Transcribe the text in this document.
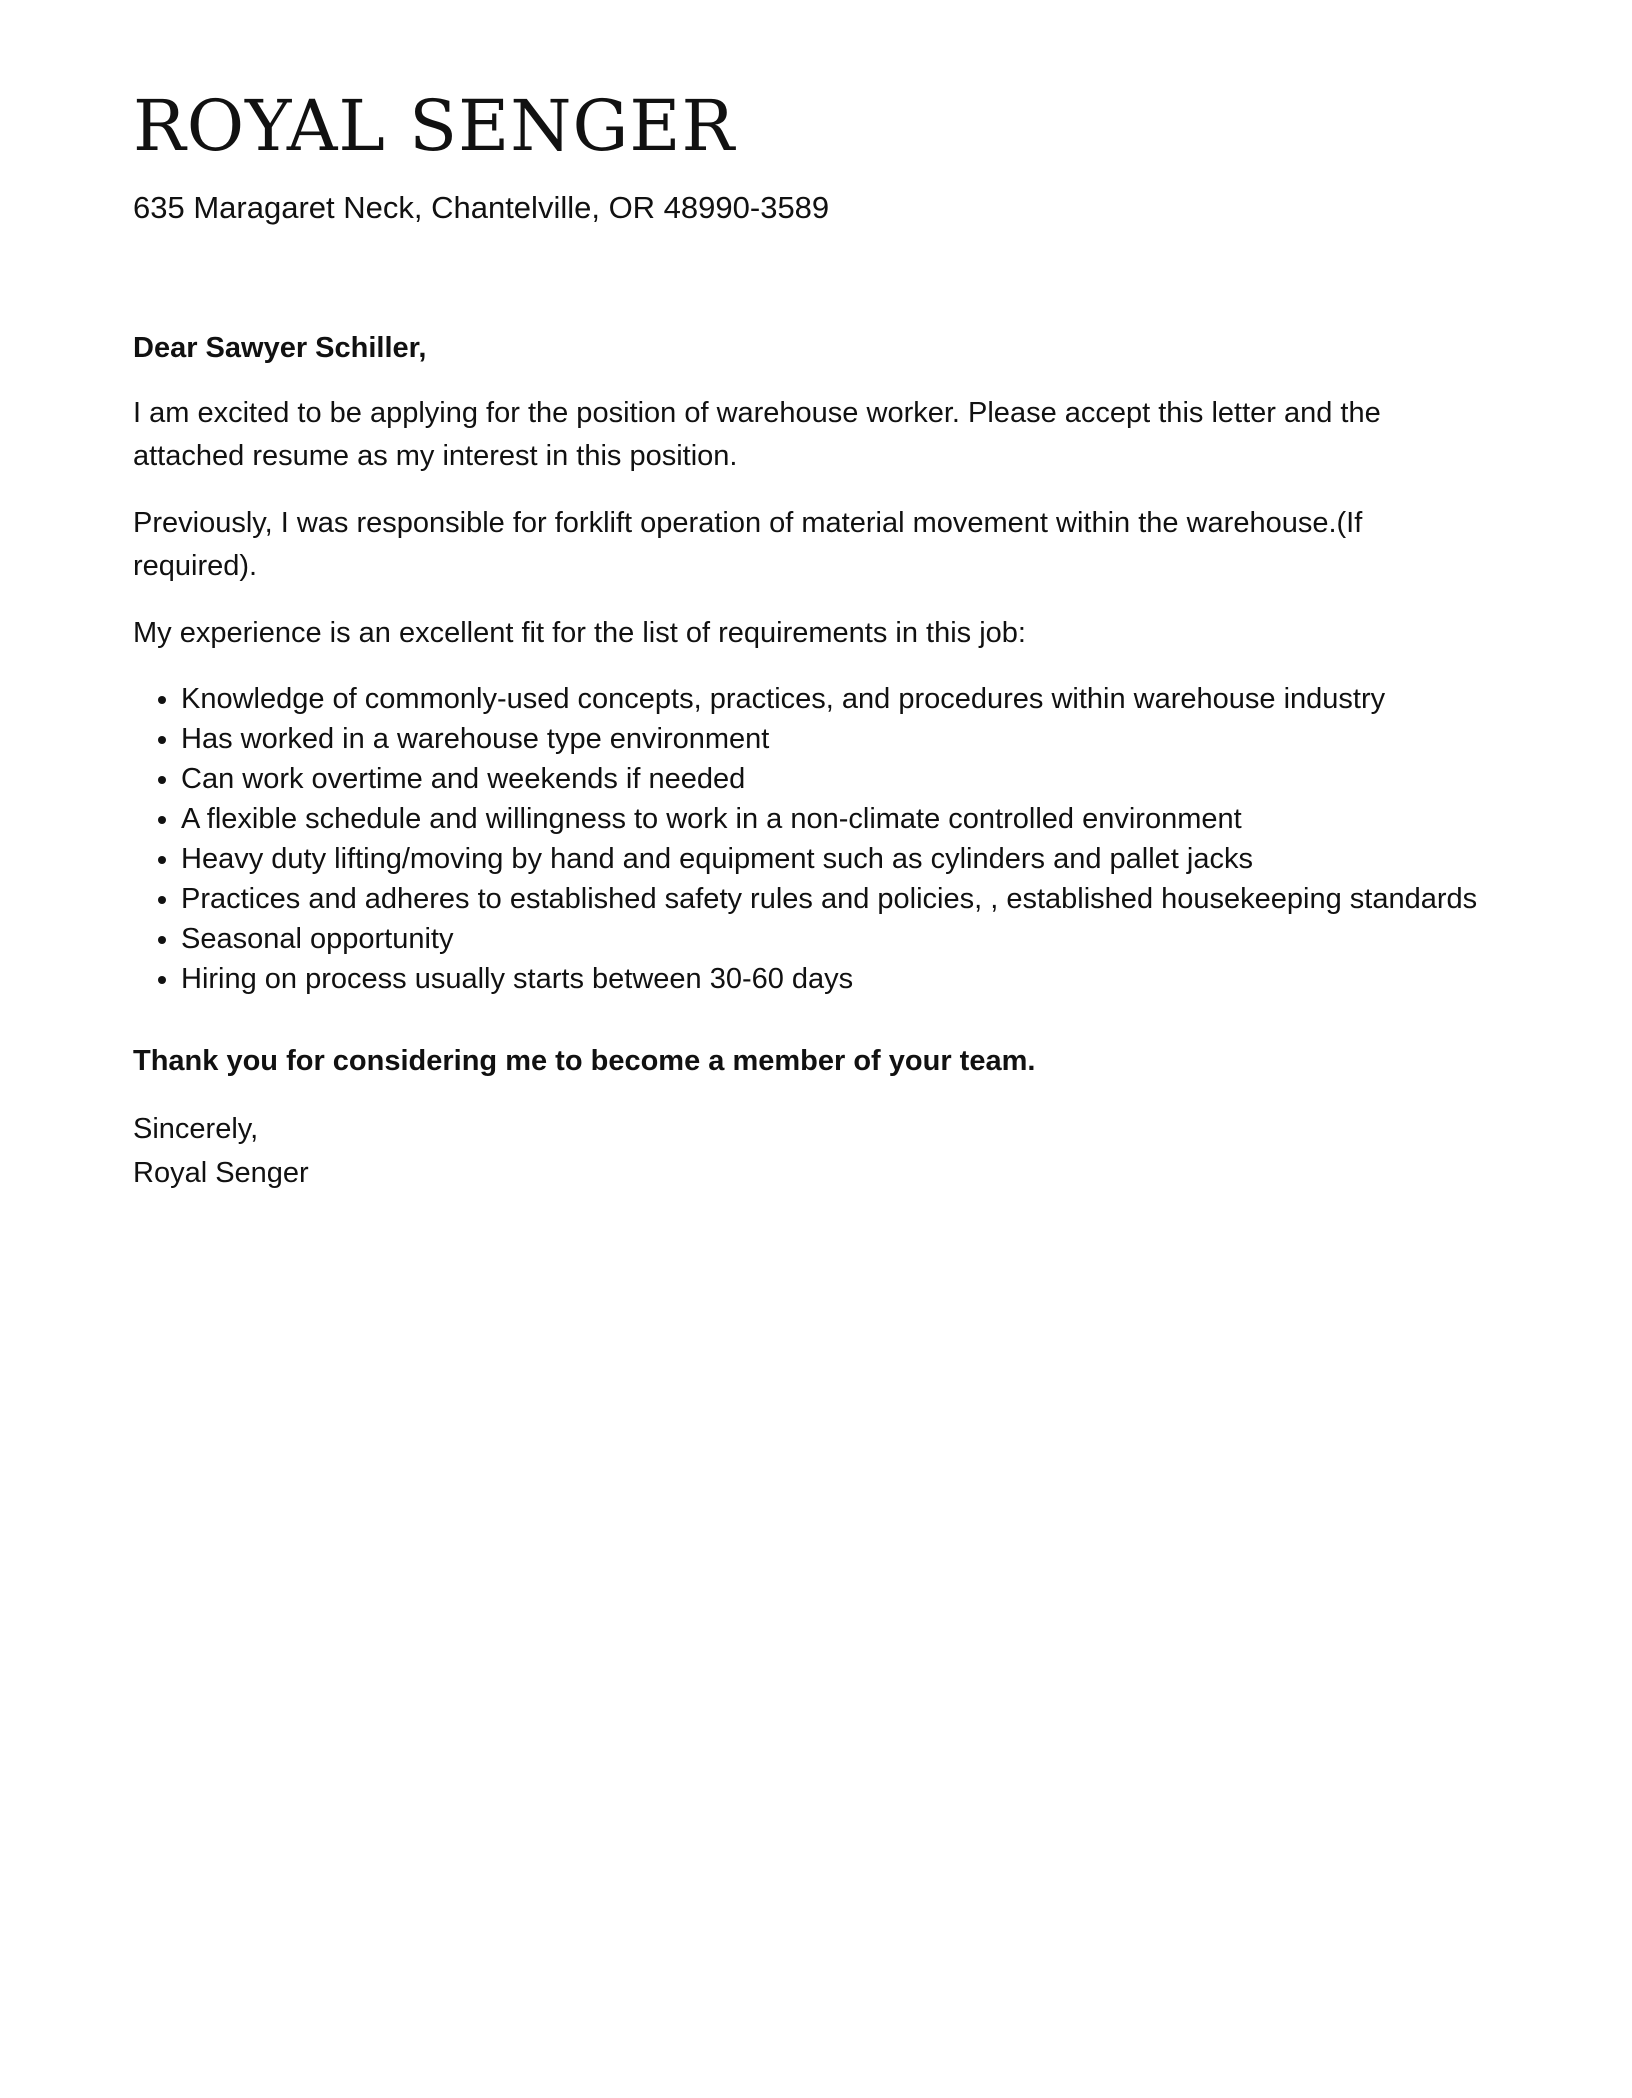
ROYAL SENGER

635 Maragaret Neck, Chantelville, OR 48990-3589

Dear Sawyer Schiller,

I am excited to be applying for the position of warehouse worker. Please accept this letter and the attached resume as my interest in this position.

Previously, I was responsible for forklift operation of material movement within the warehouse.(If required).

My experience is an excellent fit for the list of requirements in this job:

• Knowledge of commonly-used concepts, practices, and procedures within warehouse industry
• Has worked in a warehouse type environment
• Can work overtime and weekends if needed
• A flexible schedule and willingness to work in a non-climate controlled environment
• Heavy duty lifting/moving by hand and equipment such as cylinders and pallet jacks
• Practices and adheres to established safety rules and policies, , established housekeeping standards
• Seasonal opportunity
• Hiring on process usually starts between 30-60 days

Thank you for considering me to become a member of your team.

Sincerely,
Royal Senger
